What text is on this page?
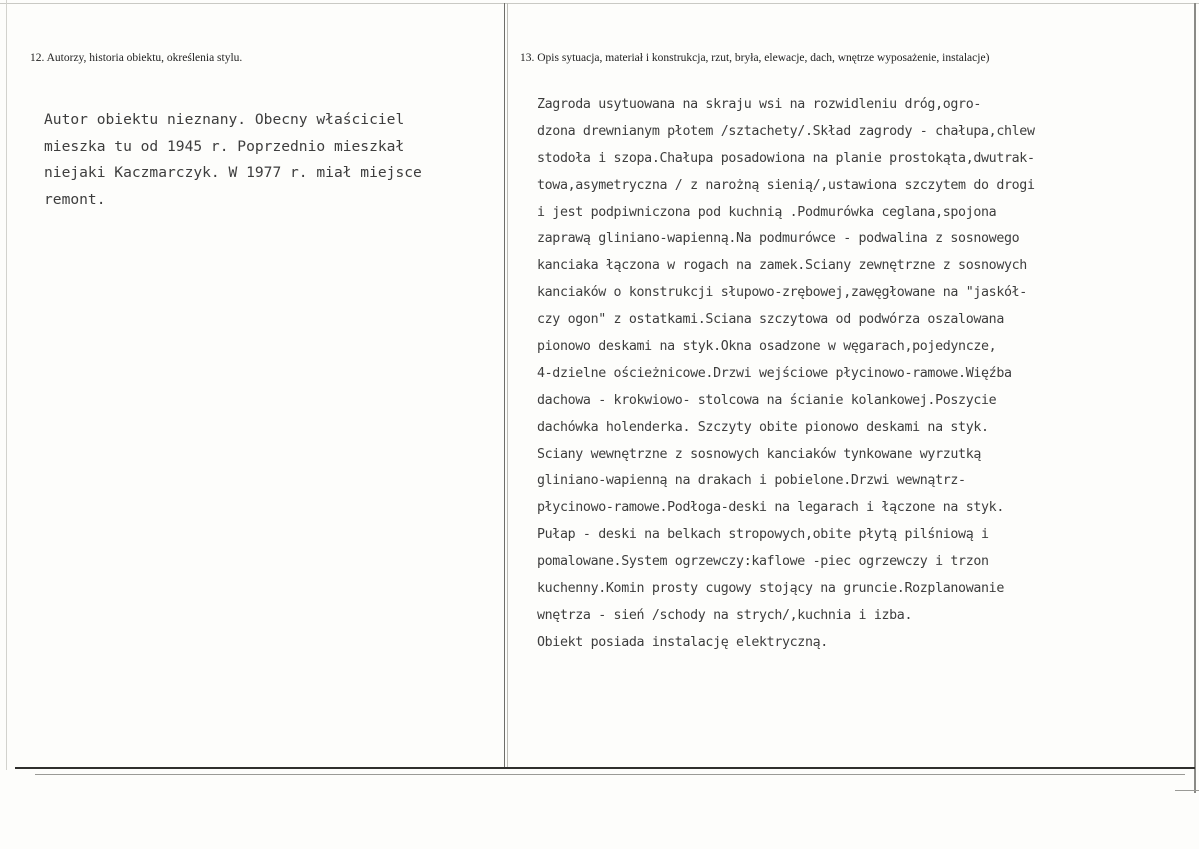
12. Autorzy, historia obiektu, określenia stylu.	13. Opis sytuacja, materiał i konstrukcja, rzut, bryła, elewacje, dach, wnętrze wyposażenie, instalacje)
Autor obiektu nieznany. Obecny właściciel
mieszka tu od 1945 r. Poprzednio mieszkał
niejaki Kaczmarczyk. W 1977 r. miał miejsce
remont.
Zagroda usytuowana na skraju wsi na rozwidleniu dróg,ogro-
dzona drewnianym płotem /sztachety/.Skład zagrody - chałupa,chlew
stodoła i szopa.Chałupa posadowiona na planie prostokąta,dwutrak-
towa,asymetryczna / z narożną sienią/,ustawiona szczytem do drogi
i jest podpiwniczona pod kuchnią .Podmurówka ceglana,spojona
zaprawą gliniano-wapienną.Na podmurówce - podwalina z sosnowego
kanciaka łączona w rogach na zamek.Sciany zewnętrzne z sosnowych
kanciaków o konstrukcji słupowo-zrębowej,zawęgłowane na "jaskół-
czy ogon" z ostatkami.Sciana szczytowa od podwórza oszalowana
pionowo deskami na styk.Okna osadzone w węgarach,pojedyncze,
4-dzielne ościeżnicowe.Drzwi wejściowe płycinowo-ramowe.Więźba
dachowa - krokwiowo- stolcowa na ścianie kolankowej.Poszycie
dachówka holenderka. Szczyty obite pionowo deskami na styk.
Sciany wewnętrzne z sosnowych kanciaków tynkowane wyrzutką
gliniano-wapienną na drakach i pobielone.Drzwi wewnątrz-
płycinowo-ramowe.Podłoga-deski na legarach i łączone na styk.
Pułap - deski na belkach stropowych,obite płytą pilśniową i
pomalowane.System ogrzewczy:kaflowe -piec ogrzewczy i trzon
kuchenny.Komin prosty cugowy stojący na gruncie.Rozplanowanie
wnętrza - sień /schody na strych/,kuchnia i izba.
Obiekt posiada instalację elektryczną.
